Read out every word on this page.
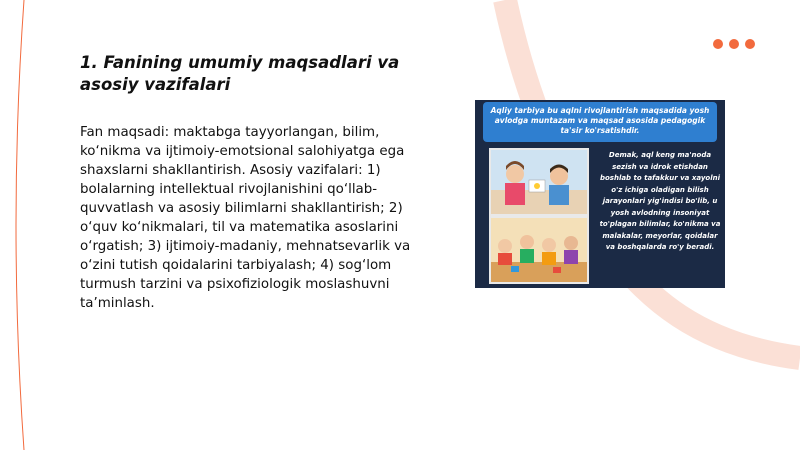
1. Fanining umumiy maqsadlari va asosiy vazifalari

Fan maqsadi: maktabga tayyorlangan, bilim, ko‘nikma va ijtimoiy-emotsional salohiyatga ega shaxslarni shakllantirish. Asosiy vazifalari: 1) bolalarning intellektual rivojlanishini qo‘llab-quvvatlash va asosiy bilimlarni shakllantirish; 2) o‘quv ko‘nikmalari, til va matematika asoslarini o‘rgatish; 3) ijtimoiy-madaniy, mehnatsevarlik va o‘zini tutish qoidalarini tarbiyalash; 4) sog‘lom turmush tarzini va psixofiziologik moslashuvni ta’minlash.

Aqliy tarbiya bu aqlni rivojlantirish maqsadida yosh avlodga muntazam va maqsad asosida pedagogik ta'sir ko'rsatishdir.
Demak, aql keng ma'noda sezish va idrok etishdan boshlab to tafakkur va xayolni o'z ichiga oladigan bilish jarayonlari yig'indisi bo'lib, u yosh avlodning insoniyat to'plagan bilimlar, ko'nikma va malakalar, meyorlar, qoidalar va boshqalarda ro'y beradi.
